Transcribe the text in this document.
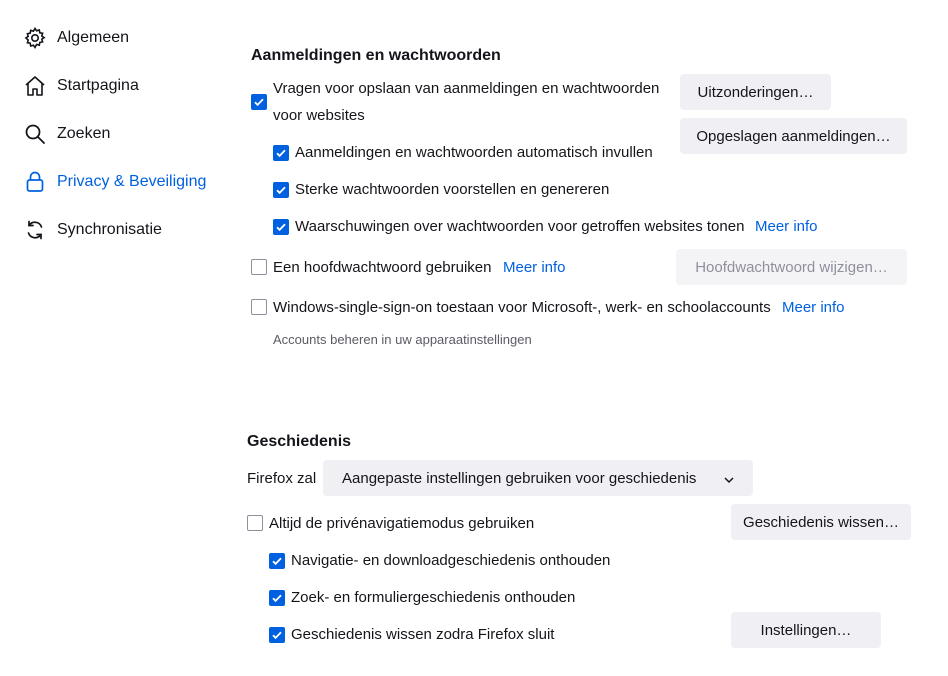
Algemeen
Startpagina
Zoeken
Privacy & Beveiliging
Synchronisatie
Aanmeldingen en wachtwoorden
Vragen voor opslaan van aanmeldingen en wachtwoorden
voor websites
Aanmeldingen en wachtwoorden automatisch invullen
Sterke wachtwoorden voorstellen en genereren
Waarschuwingen over wachtwoorden voor getroffen websites tonen Meer info
Een hoofdwachtwoord gebruiken Meer info
Windows-single-sign-on toestaan voor Microsoft-, werk- en schoolaccounts Meer info
Accounts beheren in uw apparaatinstellingen
Uitzonderingen…
Opgeslagen aanmeldingen…
Hoofdwachtwoord wijzigen…
Geschiedenis
Firefox zal Aangepaste instellingen gebruiken voor geschiedenis
Altijd de privénavigatiemodus gebruiken
Navigatie- en downloadgeschiedenis onthouden
Zoek- en formuliergeschiedenis onthouden
Geschiedenis wissen zodra Firefox sluit
Geschiedenis wissen…
Instellingen…
